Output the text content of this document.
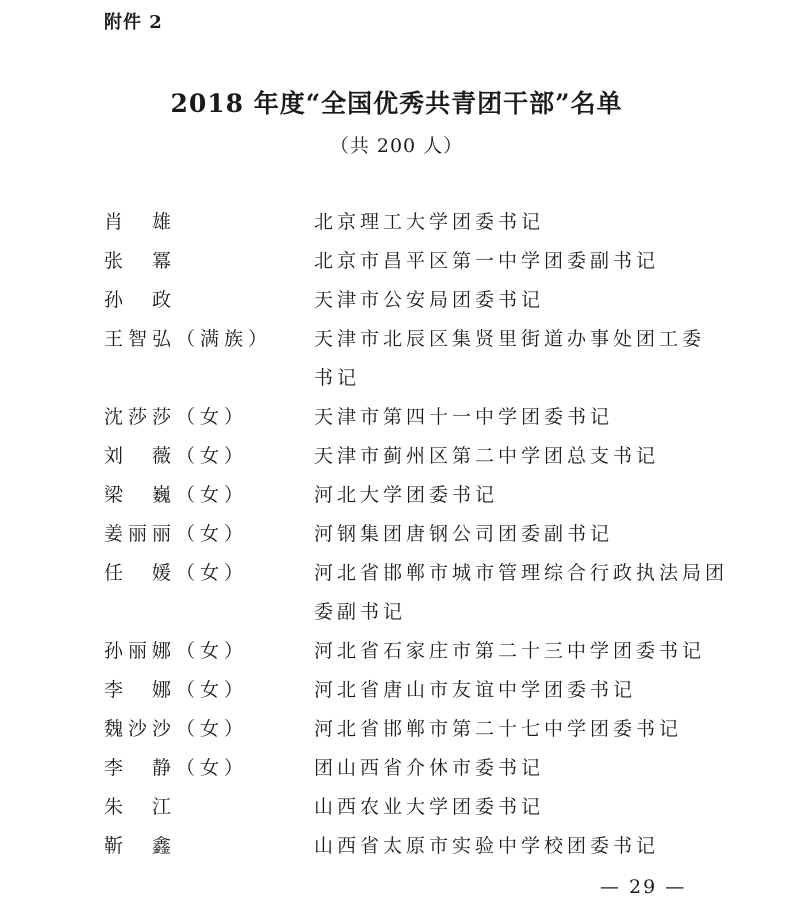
附件 2
2018 年度“全国优秀共青团干部”名单
（共 200 人）
肖　雄	北京理工大学团委书记
张　冪	北京市昌平区第一中学团委副书记
孙　政	天津市公安局团委书记
王智弘（满族） 天津市北辰区集贤里街道办事处团工委
书记
沈莎莎（女）	天津市第四十一中学团委书记
刘　薇（女）	天津市蓟州区第二中学团总支书记
梁　巍（女）	河北大学团委书记
姜丽丽（女）	河钢集团唐钢公司团委副书记
任　媛（女）	河北省邯郸市城市管理综合行政执法局团
委副书记
孙丽娜（女）	河北省石家庄市第二十三中学团委书记
李　娜（女）	河北省唐山市友谊中学团委书记
魏沙沙（女）	河北省邯郸市第二十七中学团委书记
李　静（女）	团山西省介休市委书记
朱　江	山西农业大学团委书记
靳　鑫	山西省太原市实验中学校团委书记
— 29 —
